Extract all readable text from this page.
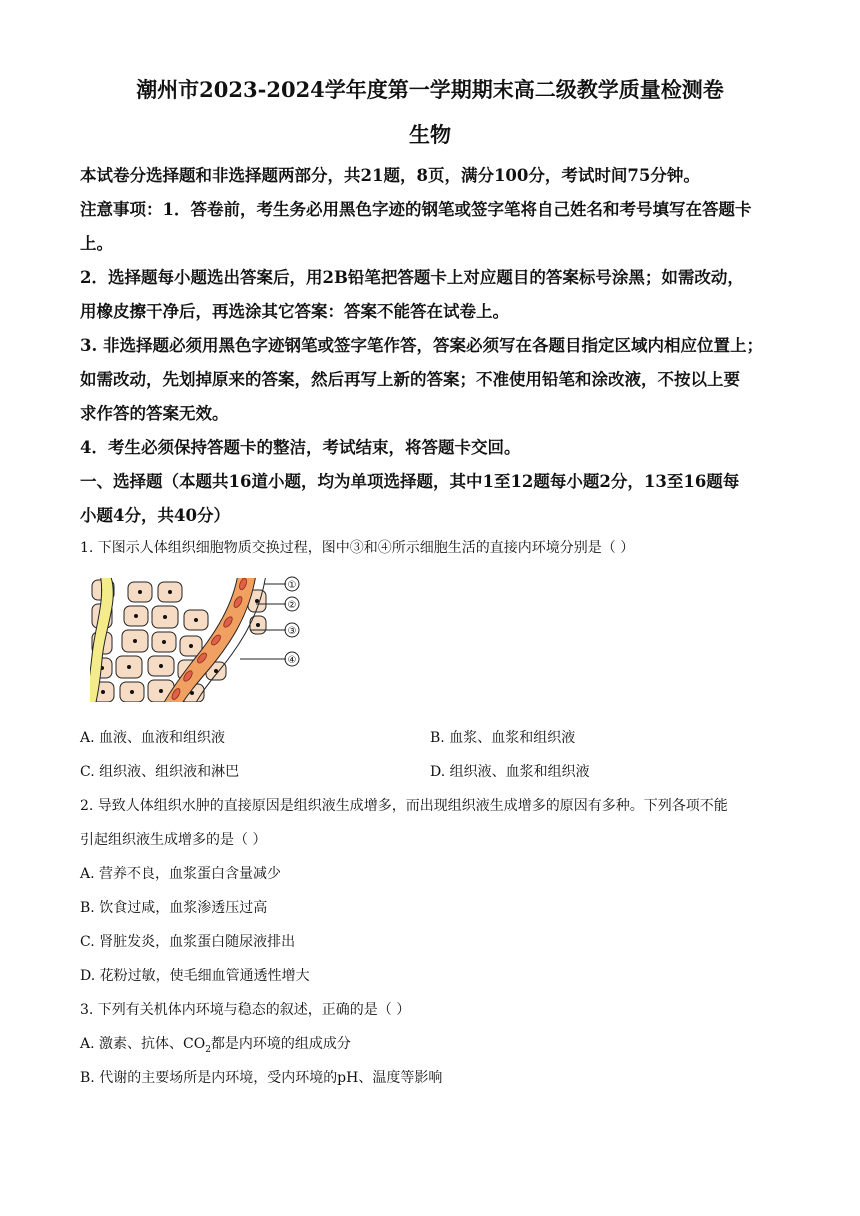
潮州市2023-2024学年度第一学期期末高二级教学质量检测卷
生物
本试卷分选择题和非选择题两部分，共21题，8页，满分100分，考试时间75分钟。
注意事项：1．答卷前，考生务必用黑色字迹的钢笔或签字笔将自己姓名和考号填写在答题卡
上。
2．选择题每小题选出答案后，用2B铅笔把答题卡上对应题目的答案标号涂黑；如需改动，
用橡皮擦干净后，再选涂其它答案：答案不能答在试卷上。
3. 非选择题必须用黑色字迹钢笔或签字笔作答，答案必须写在各题目指定区域内相应位置上；
如需改动，先划掉原来的答案，然后再写上新的答案；不准使用铅笔和涂改液，不按以上要
求作答的答案无效。
4．考生必须保持答题卡的整洁，考试结束，将答题卡交回。
一、选择题（本题共16道小题，均为单项选择题，其中1至12题每小题2分，13至16题每
小题4分，共40分）
1. 下图示人体组织细胞物质交换过程，图中③和④所示细胞生活的直接内环境分别是（ ）
①
②
③
④
A. 血液、血液和组织液	B. 血浆、血浆和组织液
C. 组织液、组织液和淋巴	D. 组织液、血浆和组织液
2. 导致人体组织水肿的直接原因是组织液生成增多，而出现组织液生成增多的原因有多种。下列各项不能
引起组织液生成增多的是（ ）
A. 营养不良，血浆蛋白含量减少
B. 饮食过咸，血浆渗透压过高
C. 肾脏发炎，血浆蛋白随尿液排出
D. 花粉过敏，使毛细血管通透性增大
3. 下列有关机体内环境与稳态的叙述，正确的是（ ）
A. 激素、抗体、$CO_2$都是内环境的组成成分
B. 代谢的主要场所是内环境，受内环境的pH、温度等影响
